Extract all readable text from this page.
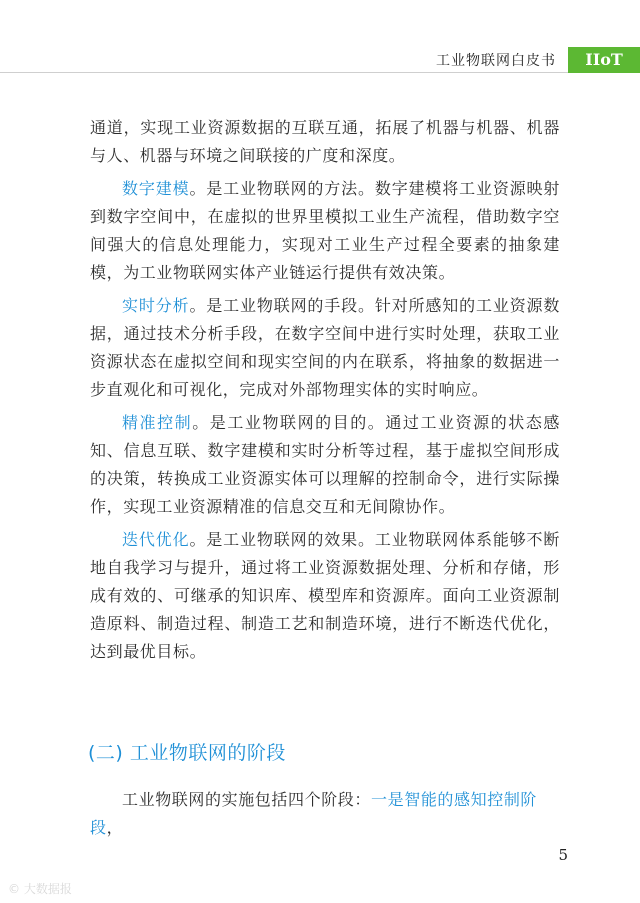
工业物联网白皮书	IIoT

通道，实现工业资源数据的互联互通，拓展了机器与机器、机器与人、机器与环境之间联接的广度和深度。

数字建模。是工业物联网的方法。数字建模将工业资源映射到数字空间中，在虚拟的世界里模拟工业生产流程，借助数字空间强大的信息处理能力，实现对工业生产过程全要素的抽象建模，为工业物联网实体产业链运行提供有效决策。

实时分析。是工业物联网的手段。针对所感知的工业资源数据，通过技术分析手段，在数字空间中进行实时处理，获取工业资源状态在虚拟空间和现实空间的内在联系，将抽象的数据进一步直观化和可视化，完成对外部物理实体的实时响应。

精准控制。是工业物联网的目的。通过工业资源的状态感知、信息互联、数字建模和实时分析等过程，基于虚拟空间形成的决策，转换成工业资源实体可以理解的控制命令，进行实际操作，实现工业资源精准的信息交互和无间隙协作。

迭代优化。是工业物联网的效果。工业物联网体系能够不断地自我学习与提升，通过将工业资源数据处理、分析和存储，形成有效的、可继承的知识库、模型库和资源库。面向工业资源制造原料、制造过程、制造工艺和制造环境，进行不断迭代优化，达到最优目标。

(二) 工业物联网的阶段
工业物联网的实施包括四个阶段：一是智能的感知控制阶段，
5
© 大数据报
